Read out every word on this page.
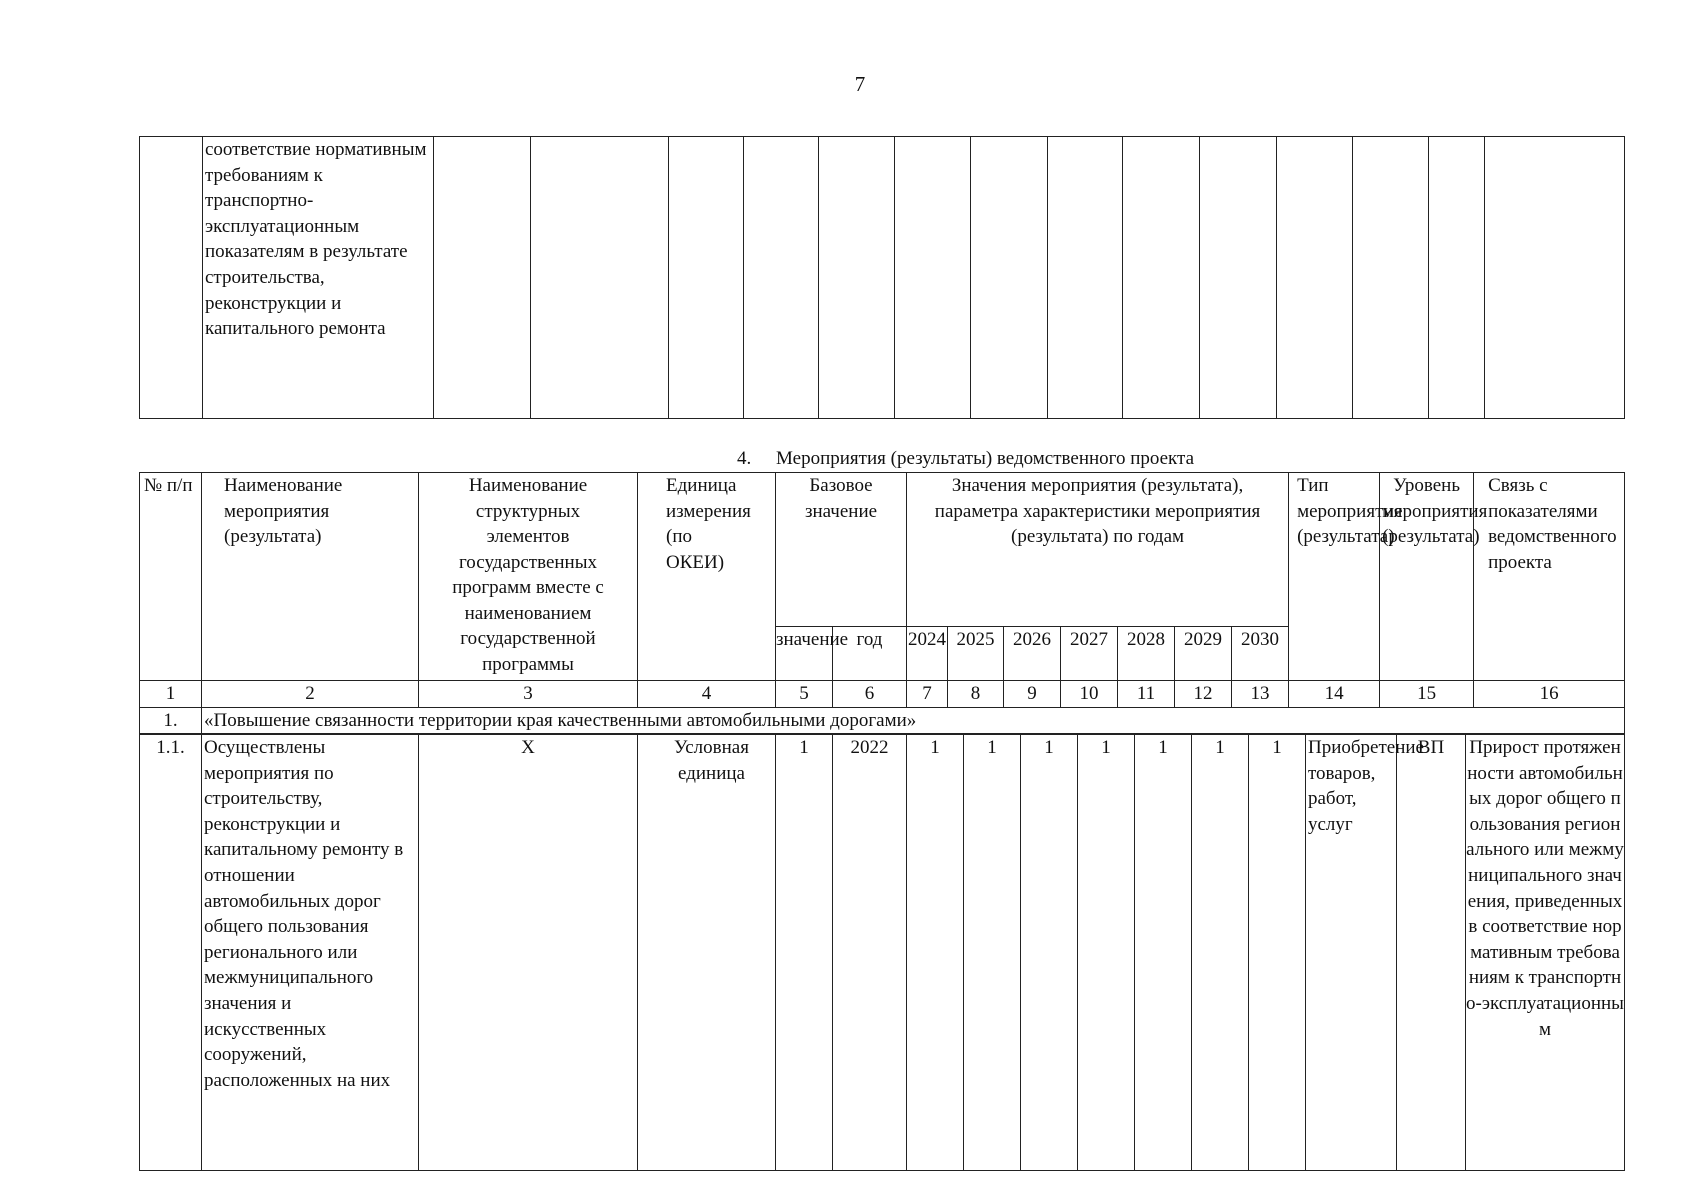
7
	соответствие нормативным требованиям к транспортно-эксплуатационным показателям в результате строительства, реконструкции и капитального ремонта														
4. Мероприятия (результаты) ведомственного проекта
№ п/п	Наименование мероприятия (результата)	Наименование структурных элементов государственных программ вместе с наименованием государственной программы	Единица измерения (по ОКЕИ)	Базовое значение		Значения мероприятия (результата), параметра характеристики мероприятия (результата) по годам							Тип мероприятия (результата)	Уровень мероприятия (результата)	Связь с показателями ведомственного проекта
				значение	год	2024	2025	2026	2027	2028	2029	2030			
1	2	3	4	5	6	7	8	9	10	11	12	13	14	15	16
1.	«Повышение связанности территории края качественными автомобильными дорогами»														
1.1.	Осуществлены мероприятия по строительству, реконструкции и капитальному ремонту в отношении автомобильных дорог общего пользования регионального или межмуниципального значения и искусственных сооружений, расположенных на них	Х	Условная единица	1	2022	1	1	1	1	1	1	1	Приобретение товаров, работ, услуг	ВП	Прирост протяженности автомобильных дорог общего пользования регионального или межмуниципального значения, приведенных в соответствие нормативным требованиям к транспортно-эксплуатационным
